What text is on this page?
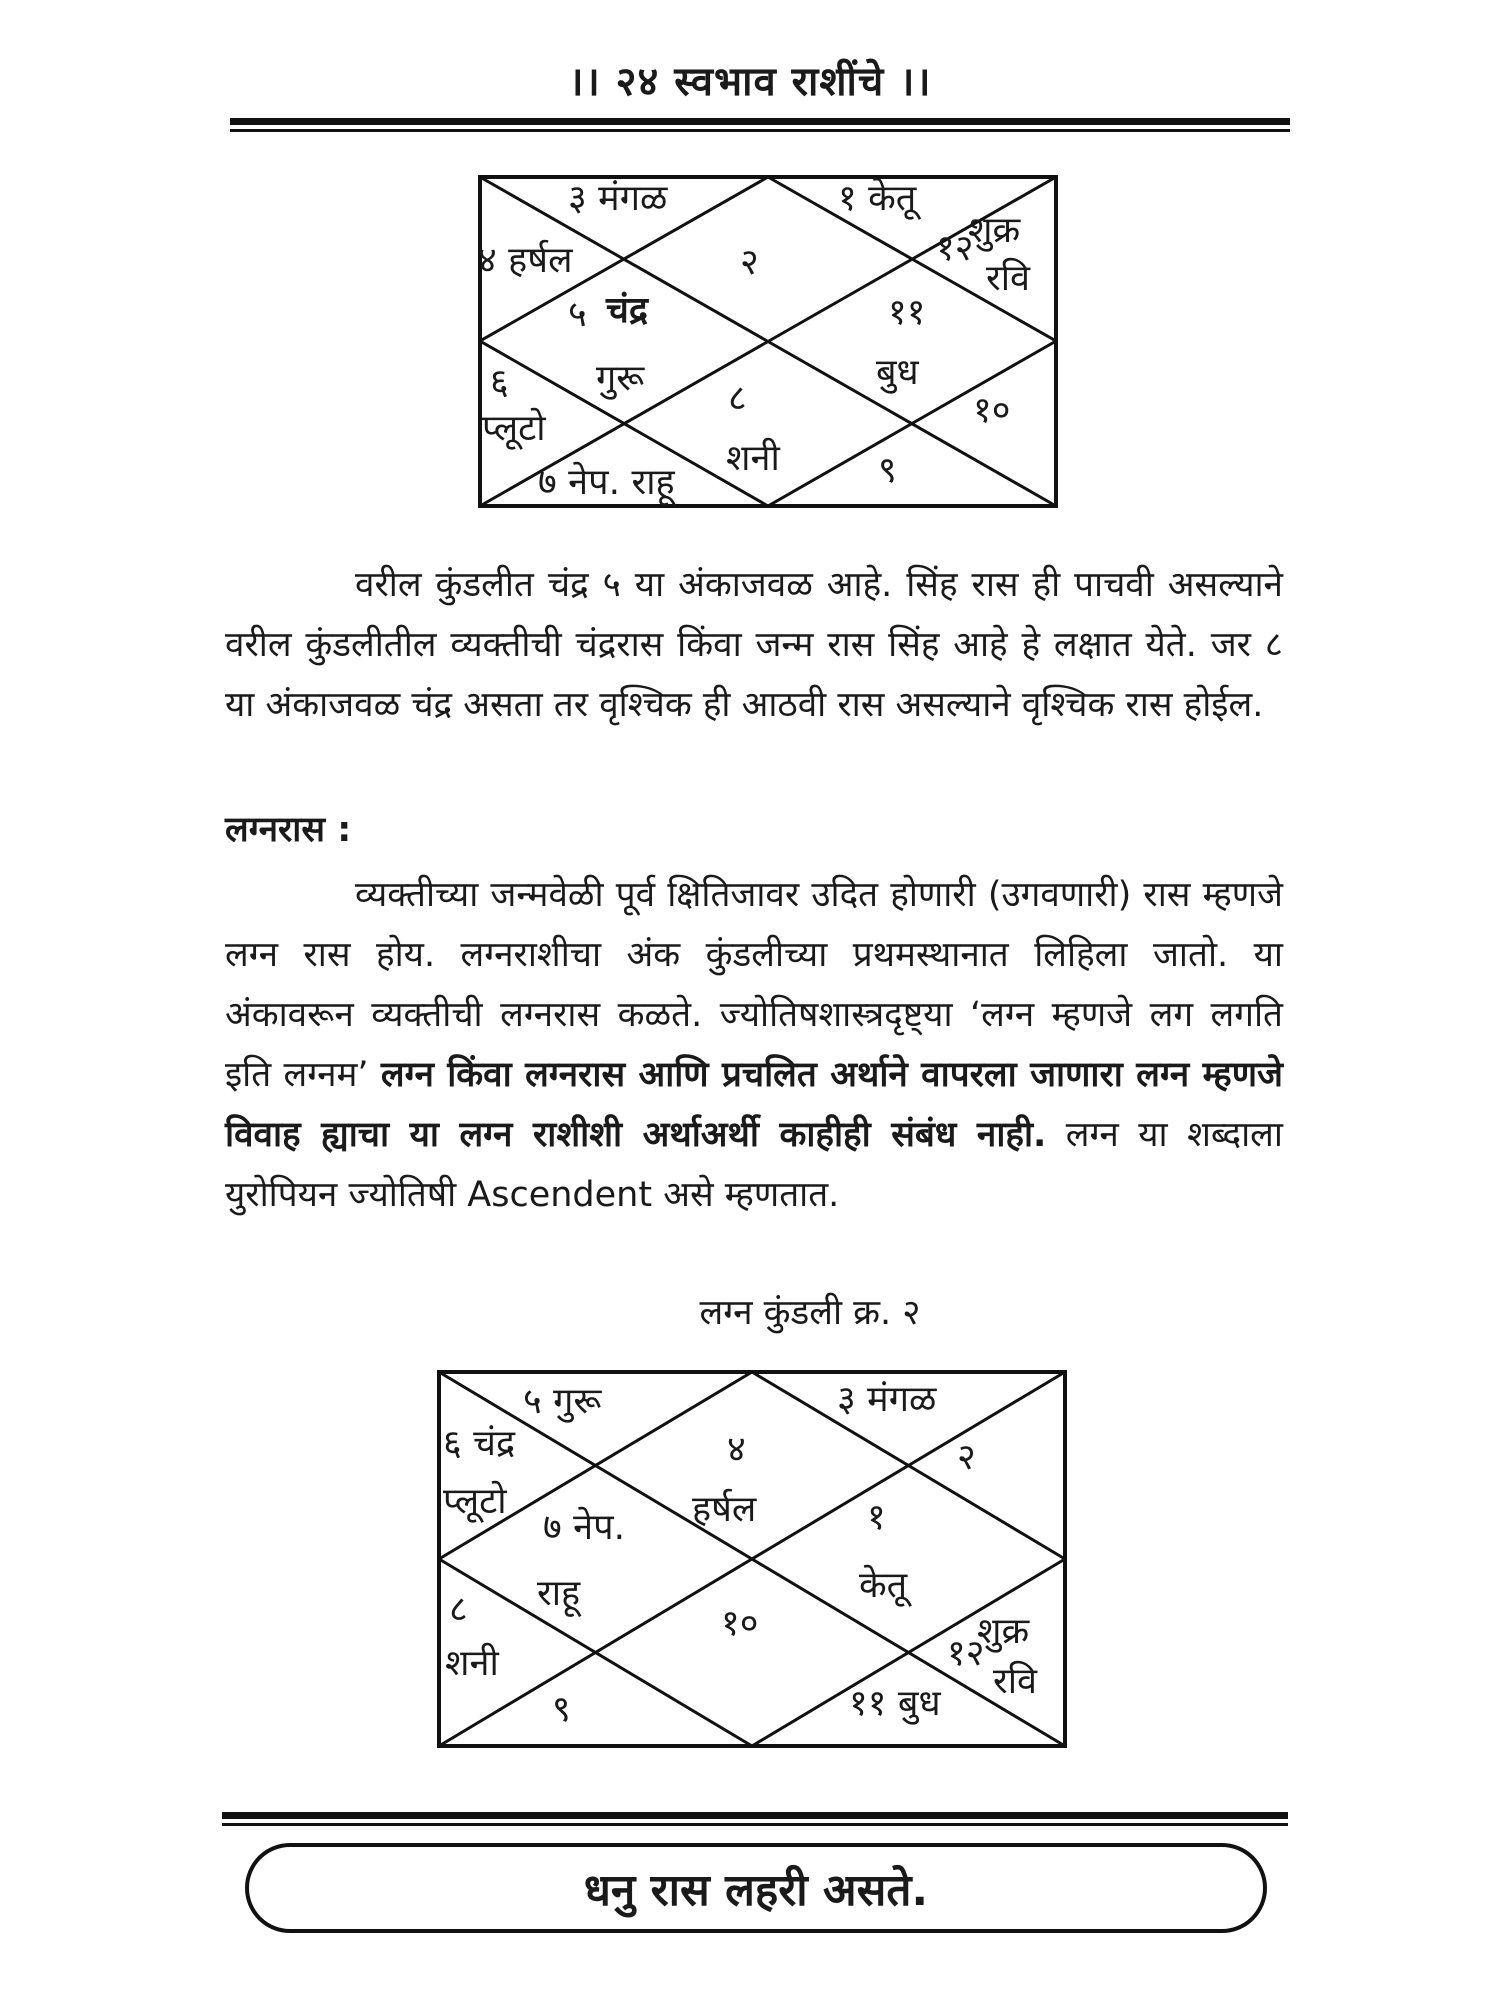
।। २४ स्वभाव राशींचे ।।
३ मंगळ	१ केतू
४ हर्षल	२	१२
शुक्र
रवि
५ चंद्र	११
६ गुरू ८
बुध
१०
प्लूटो
शनी
७ नेप. राहू	९
वरील कुंडलीत चंद्र ५ या अंकाजवळ आहे. सिंह रास ही पाचवी असल्याने वरील कुंडलीतील व्यक्तीची चंद्ररास किंवा जन्म रास सिंह आहे हे लक्षात येते. जर ८ या अंकाजवळ चंद्र असता तर वृश्चिक ही आठवी रास असल्याने वृश्चिक रास होईल.
लग्नरास :
व्यक्तीच्या जन्मवेळी पूर्व क्षितिजावर उदित होणारी (उगवणारी) रास म्हणजे लग्न रास होय. लग्नराशीचा अंक कुंडलीच्या प्रथमस्थानात लिहिला जातो. या अंकावरून व्यक्तीची लग्नरास कळते. ज्योतिषशास्त्रदृष्ट्या ‘लग्न म्हणजे लग लगति इति लग्नम’ लग्न किंवा लग्नरास आणि प्रचलित अर्थाने वापरला जाणारा लग्न म्हणजे विवाह ह्याचा या लग्न राशीशी अर्थाअर्थी काहीही संबंध नाही. लग्न या शब्दाला युरोपियन ज्योतिषी Ascendent असे म्हणतात.
लग्न कुंडली क्र. २
५ गुरू	३ मंगळ
६ चंद्र	४	२
प्लूटो
७ नेप. हर्षल	१
राहू	केतू
८	१०
१२
शुक्र
शनी	रवि
९	११ बुध
धनु रास लहरी असते.
